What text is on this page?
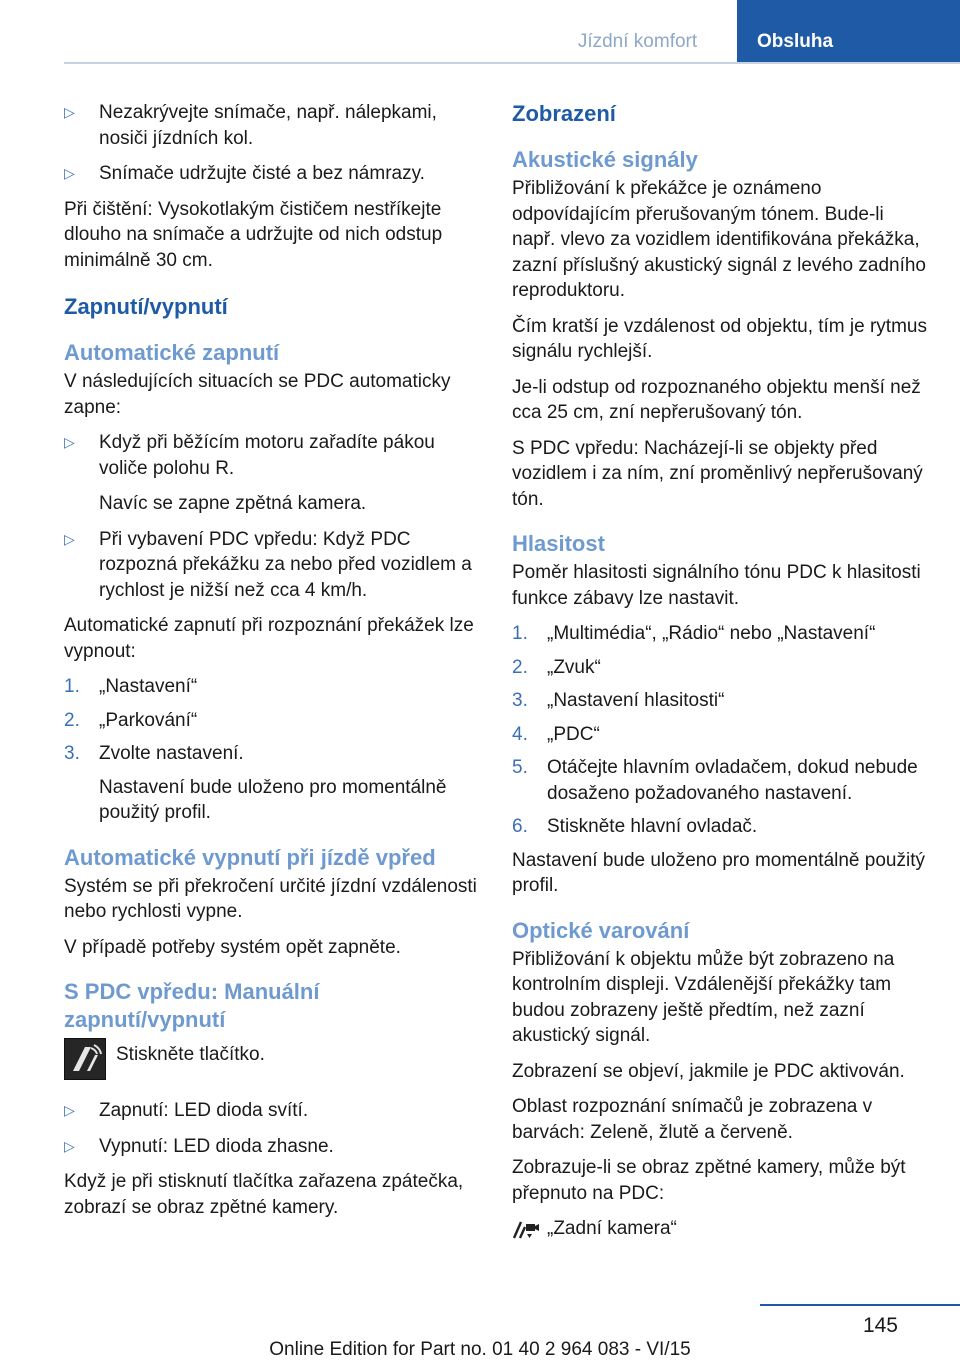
Jízdní komfort	Obsluha
▷ Nezakrývejte snímače, např. nálepkami, nosiči jízdních kol.
▷ Snímače udržujte čisté a bez námrazy.

Při čištění: Vysokotlakým čističem nestříkejte dlouho na snímače a udržujte od nich odstup minimálně 30 cm.

Zapnutí/vypnutí
Automatické zapnutí

V následujících situacích se PDC automaticky zapne:

▷ Když při běžícím motoru zařadíte pákou voliče polohu R.
Navíc se zapne zpětná kamera.
▷ Při vybavení PDC vpředu: Když PDC rozpozná překážku za nebo před vozidlem a rychlost je nižší než cca 4 km/h.

Automatické zapnutí při rozpoznání překážek lze vypnout:

1. „Nastavení“
2. „Parkování“
3. Zvolte nastavení.
Nastavení bude uloženo pro momentálně použitý profil.
Automatické vypnutí při jízdě vpřed

Systém se při překročení určité jízdní vzdálenosti nebo rychlosti vypne.

V případě potřeby systém opět zapněte.

S PDC vpředu: Manuální zapnutí/vypnutí
Stiskněte tlačítko.
▷ Zapnutí: LED dioda svítí.
▷ Vypnutí: LED dioda zhasne.

Když je při stisknutí tlačítka zařazena zpátečka, zobrazí se obraz zpětné kamery.

Zobrazení
Akustické signály

Přibližování k překážce je oznámeno odpovídajícím přerušovaným tónem. Bude-li např. vlevo za vozidlem identifikována překážka, zazní příslušný akustický signál z levého zadního reproduktoru.

Čím kratší je vzdálenost od objektu, tím je rytmus signálu rychlejší.

Je-li odstup od rozpoznaného objektu menší než cca 25 cm, zní nepřerušovaný tón.

S PDC vpředu: Nacházejí-li se objekty před vozidlem i za ním, zní proměnlivý nepřerušovaný tón.

Hlasitost

Poměr hlasitosti signálního tónu PDC k hlasitosti funkce zábavy lze nastavit.

1. „Multimédia“, „Rádio“ nebo „Nastavení“
2. „Zvuk“
3. „Nastavení hlasitosti“
4. „PDC“
5. Otáčejte hlavním ovladačem, dokud nebude dosaženo požadovaného nastavení.
6. Stiskněte hlavní ovladač.

Nastavení bude uloženo pro momentálně použitý profil.

Optické varování

Přibližování k objektu může být zobrazeno na kontrolním displeji. Vzdálenější překážky tam budou zobrazeny ještě předtím, než zazní akustický signál.

Zobrazení se objeví, jakmile je PDC aktivován.

Oblast rozpoznání snímačů je zobrazena v barvách: Zeleně, žlutě a červeně.

Zobrazuje-li se obraz zpětné kamery, může být přepnuto na PDC:

„Zadní kamera“
145
Online Edition for Part no. 01 40 2 964 083 - VI/15
